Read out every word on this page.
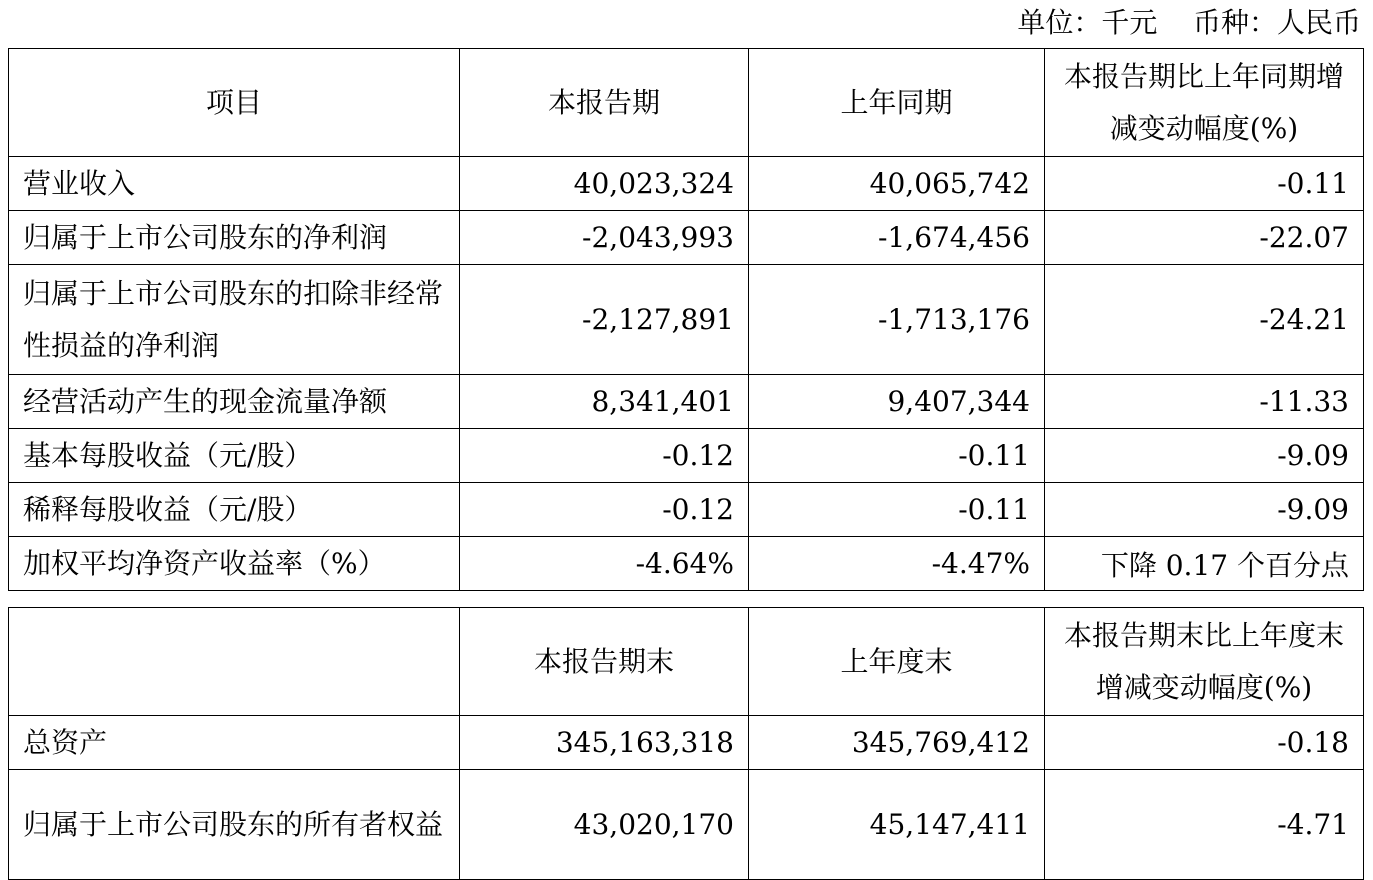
单位：千元    币种：人民币
项目	本报告期	上年同期	本报告期比上年同期增减变动幅度(%)
营业收入	40,023,324	40,065,742	-0.11
归属于上市公司股东的净利润	-2,043,993	-1,674,456	-22.07
归属于上市公司股东的扣除非经常性损益的净利润	-2,127,891	-1,713,176	-24.21
经营活动产生的现金流量净额	8,341,401	9,407,344	-11.33
基本每股收益（元/股）	-0.12	-0.11	-9.09
稀释每股收益（元/股）	-0.12	-0.11	-9.09
加权平均净资产收益率（%）	-4.64%	-4.47%	下降 0.17 个百分点
	本报告期末	上年度末	本报告期末比上年度末增减变动幅度(%)
总资产	345,163,318	345,769,412	-0.18
归属于上市公司股东的所有者权益	43,020,170	45,147,411	-4.71
